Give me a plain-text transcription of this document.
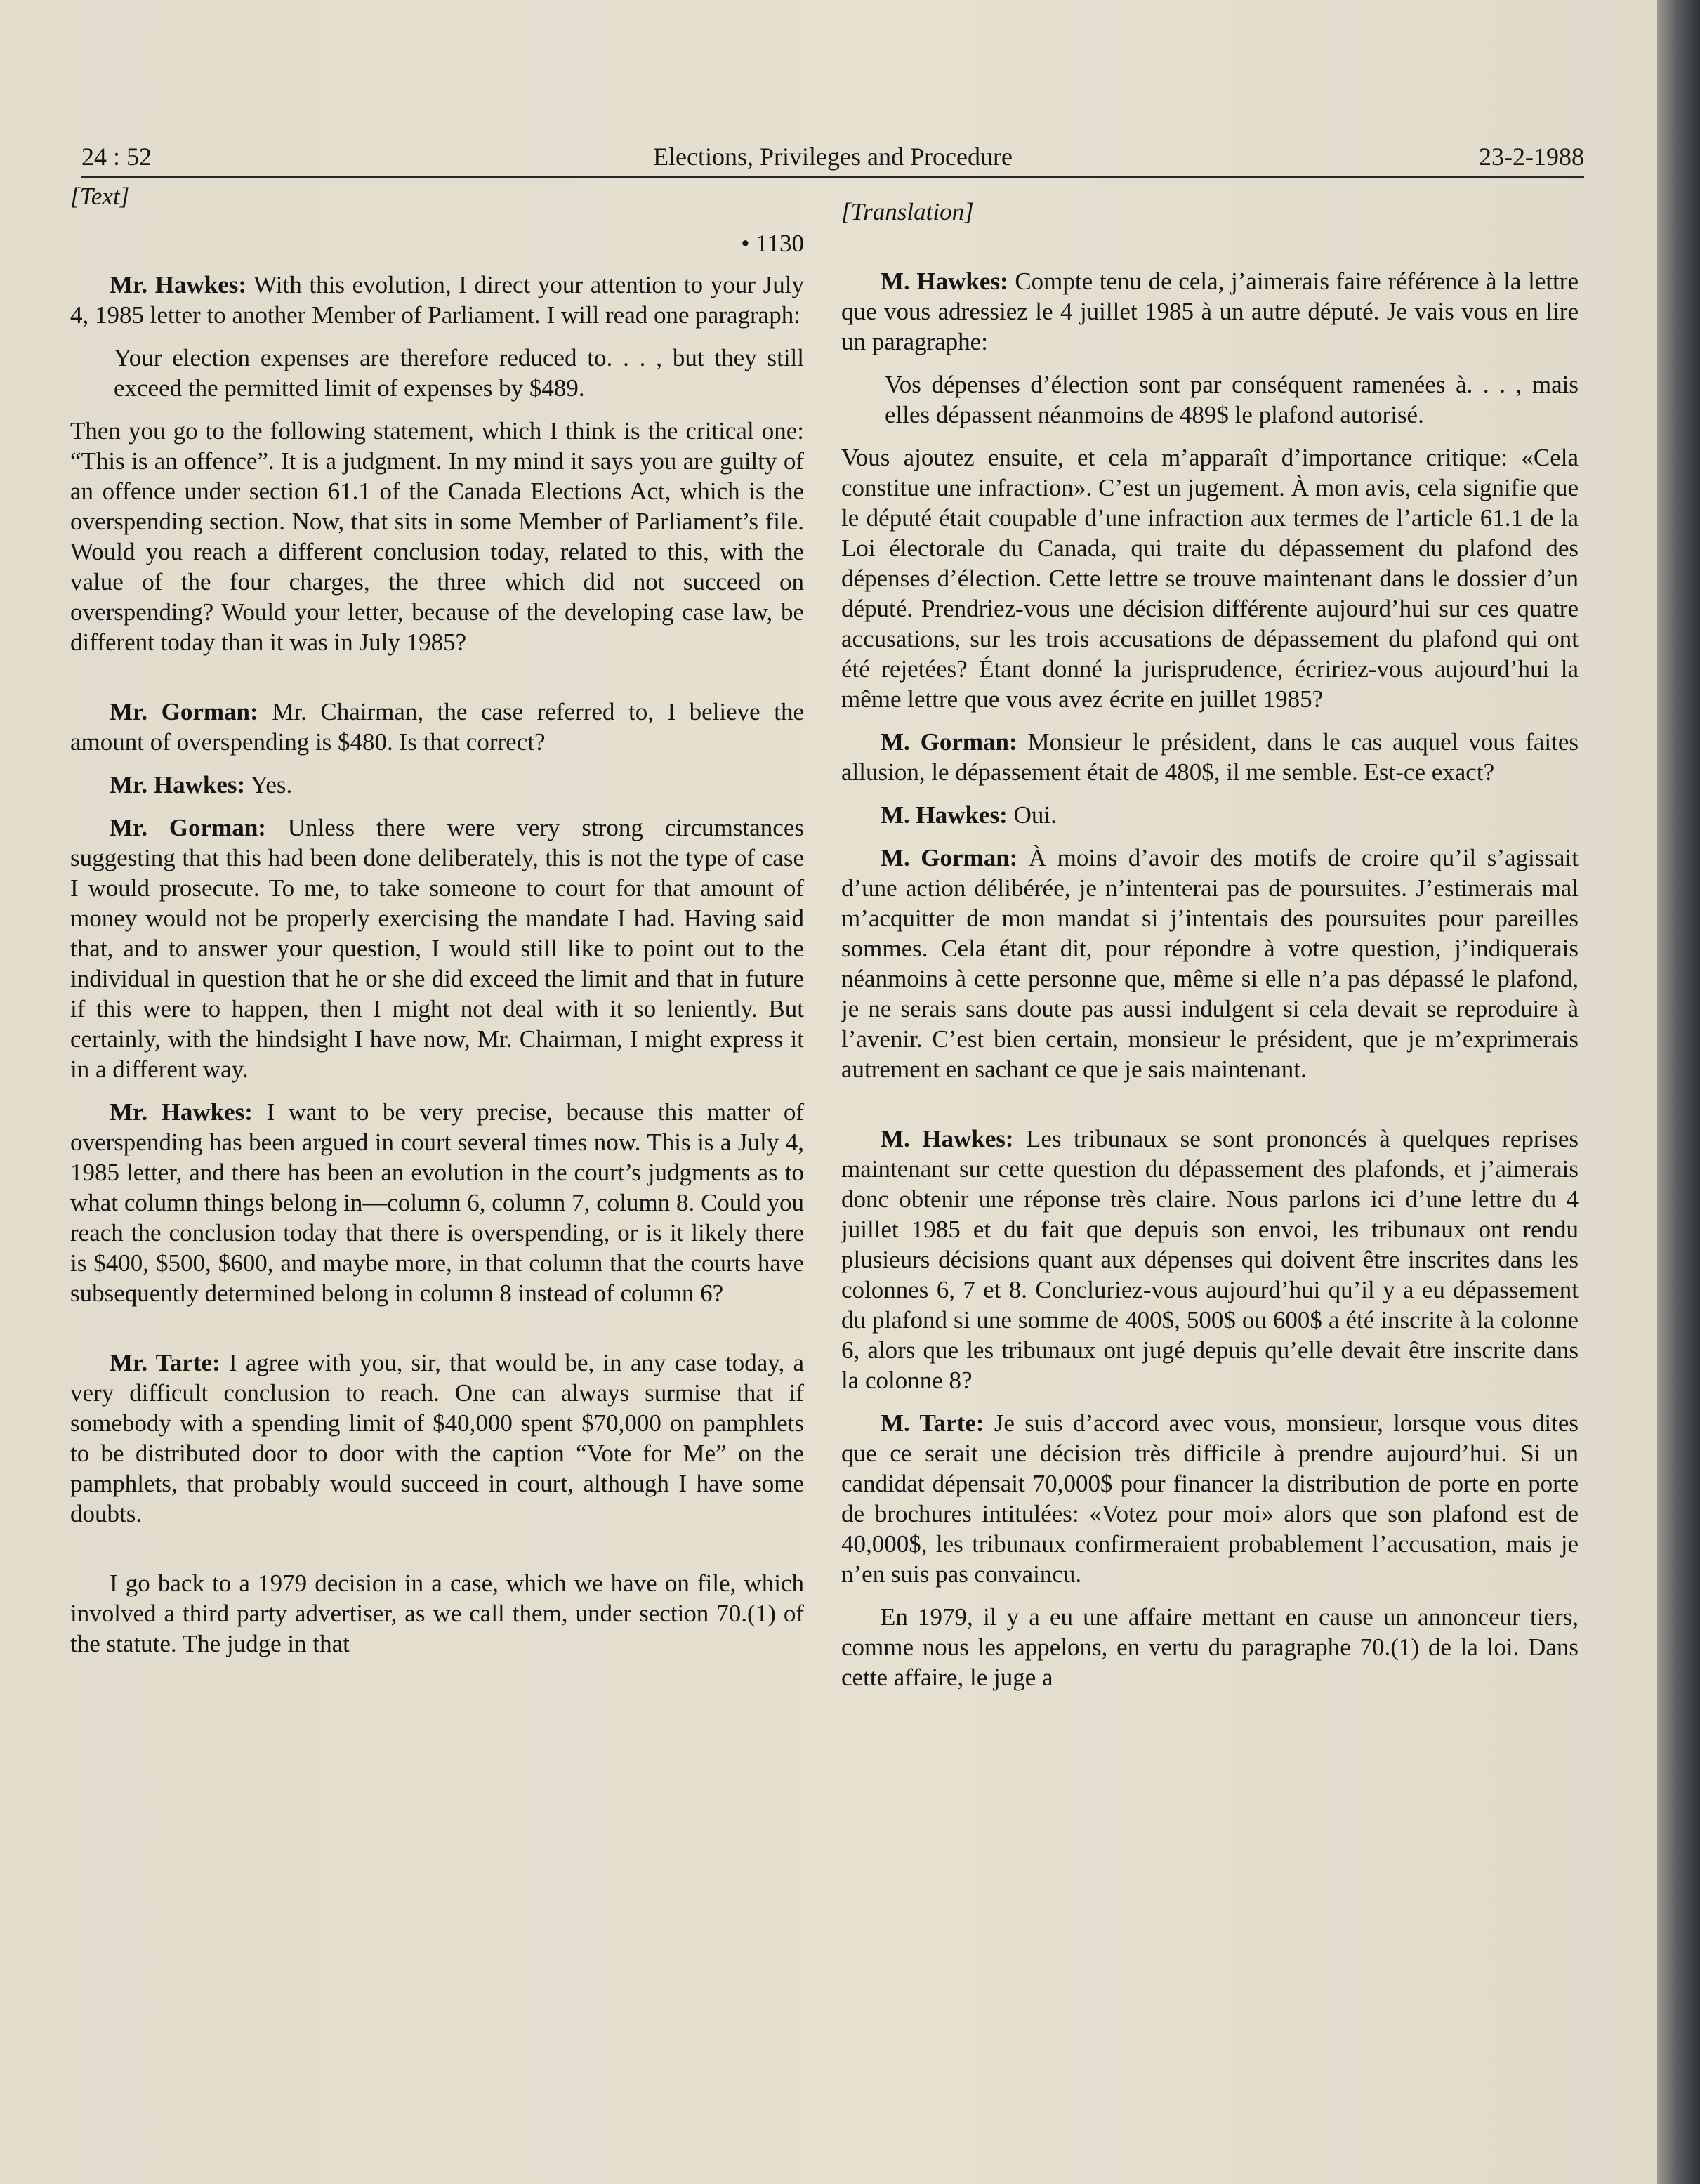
24 : 52	Elections, Privileges and Procedure	23-2-1988
[Text]
• 1130

Mr. Hawkes: With this evolution, I direct your attention to your July 4, 1985 letter to another Member of Parliament. I will read one paragraph:

Your election expenses are therefore reduced to. . . , but they still exceed the permitted limit of expenses by $489.

Then you go to the following statement, which I think is the critical one: “This is an offence”. It is a judgment. In my mind it says you are guilty of an offence under section 61.1 of the Canada Elections Act, which is the overspending section. Now, that sits in some Member of Parliament’s file. Would you reach a different conclusion today, related to this, with the value of the four charges, the three which did not succeed on overspending? Would your letter, because of the developing case law, be different today than it was in July 1985?

Mr. Gorman: Mr. Chairman, the case referred to, I believe the amount of overspending is $480. Is that correct?

Mr. Hawkes: Yes.

Mr. Gorman: Unless there were very strong circumstances suggesting that this had been done deliberately, this is not the type of case I would prosecute. To me, to take someone to court for that amount of money would not be properly exercising the mandate I had. Having said that, and to answer your question, I would still like to point out to the individual in question that he or she did exceed the limit and that in future if this were to happen, then I might not deal with it so leniently. But certainly, with the hindsight I have now, Mr. Chairman, I might express it in a different way.

Mr. Hawkes: I want to be very precise, because this matter of overspending has been argued in court several times now. This is a July 4, 1985 letter, and there has been an evolution in the court’s judgments as to what column things belong in—column 6, column 7, column 8. Could you reach the conclusion today that there is overspending, or is it likely there is $400, $500, $600, and maybe more, in that column that the courts have subsequently determined belong in column 8 instead of column 6?

Mr. Tarte: I agree with you, sir, that would be, in any case today, a very difficult conclusion to reach. One can always surmise that if somebody with a spending limit of $40,000 spent $70,000 on pamphlets to be distributed door to door with the caption “Vote for Me” on the pamphlets, that probably would succeed in court, although I have some doubts.

I go back to a 1979 decision in a case, which we have on file, which involved a third party advertiser, as we call them, under section 70.(1) of the statute. The judge in that

[Translation]

M. Hawkes: Compte tenu de cela, j’aimerais faire référence à la lettre que vous adressiez le 4 juillet 1985 à un autre député. Je vais vous en lire un paragraphe:

Vos dépenses d’élection sont par conséquent ramenées à. . . , mais elles dépassent néanmoins de 489$ le plafond autorisé.

Vous ajoutez ensuite, et cela m’apparaît d’importance critique: «Cela constitue une infraction». C’est un jugement. À mon avis, cela signifie que le député était coupable d’une infraction aux termes de l’article 61.1 de la Loi électorale du Canada, qui traite du dépassement du plafond des dépenses d’élection. Cette lettre se trouve maintenant dans le dossier d’un député. Prendriez-vous une décision différente aujourd’hui sur ces quatre accusations, sur les trois accusations de dépassement du plafond qui ont été rejetées? Étant donné la jurisprudence, écririez-vous aujourd’hui la même lettre que vous avez écrite en juillet 1985?

M. Gorman: Monsieur le président, dans le cas auquel vous faites allusion, le dépassement était de 480$, il me semble. Est-ce exact?

M. Hawkes: Oui.

M. Gorman: À moins d’avoir des motifs de croire qu’il s’agissait d’une action délibérée, je n’intenterai pas de poursuites. J’estimerais mal m’acquitter de mon mandat si j’intentais des poursuites pour pareilles sommes. Cela étant dit, pour répondre à votre question, j’indiquerais néanmoins à cette personne que, même si elle n’a pas dépassé le plafond, je ne serais sans doute pas aussi indulgent si cela devait se reproduire à l’avenir. C’est bien certain, monsieur le président, que je m’exprimerais autrement en sachant ce que je sais maintenant.

M. Hawkes: Les tribunaux se sont prononcés à quelques reprises maintenant sur cette question du dépassement des plafonds, et j’aimerais donc obtenir une réponse très claire. Nous parlons ici d’une lettre du 4 juillet 1985 et du fait que depuis son envoi, les tribunaux ont rendu plusieurs décisions quant aux dépenses qui doivent être inscrites dans les colonnes 6, 7 et 8. Concluriez-vous aujourd’hui qu’il y a eu dépassement du plafond si une somme de 400$, 500$ ou 600$ a été inscrite à la colonne 6, alors que les tribunaux ont jugé depuis qu’elle devait être inscrite dans la colonne 8?

M. Tarte: Je suis d’accord avec vous, monsieur, lorsque vous dites que ce serait une décision très difficile à prendre aujourd’hui. Si un candidat dépensait 70,000$ pour financer la distribution de porte en porte de brochures intitulées: «Votez pour moi» alors que son plafond est de 40,000$, les tribunaux confirmeraient probablement l’accusation, mais je n’en suis pas convaincu.

En 1979, il y a eu une affaire mettant en cause un annonceur tiers, comme nous les appelons, en vertu du paragraphe 70.(1) de la loi. Dans cette affaire, le juge a
